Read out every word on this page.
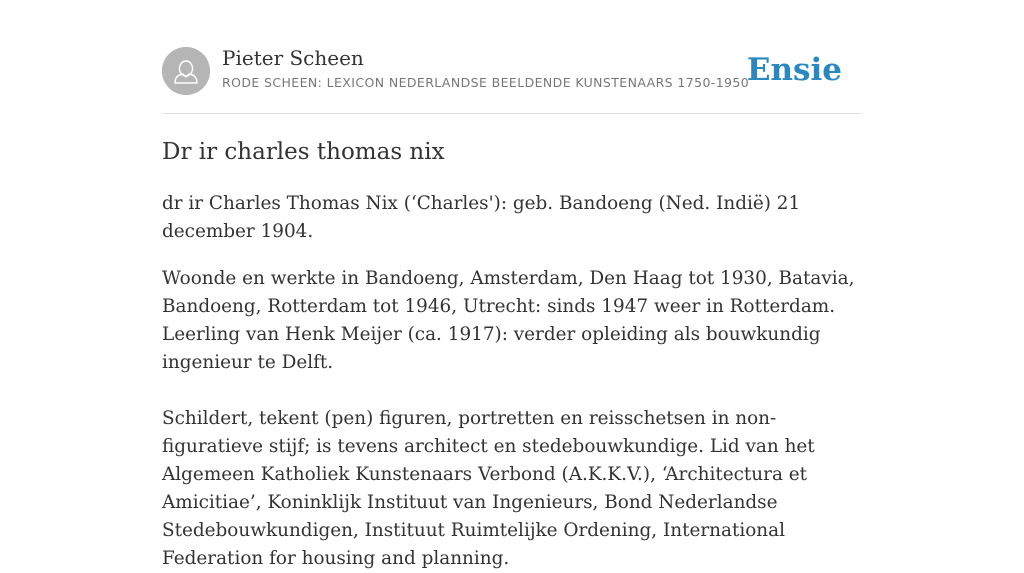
Pieter Scheen
RODE SCHEEN: LEXICON NEDERLANDSE BEELDENDE KUNSTENAARS 1750-1950
Ensie
Dr ir charles thomas nix

dr ir Charles Thomas Nix (‘Charles'): geb. Bandoeng (Ned. Indië) 21 december 1904.

Woonde en werkte in Bandoeng, Amsterdam, Den Haag tot 1930, Batavia, Bandoeng, Rotterdam tot 1946, Utrecht: sinds 1947 weer in Rotterdam. Leerling van Henk Meijer (ca. 1917): verder opleiding als bouwkundig ingenieur te Delft.

Schildert, tekent (pen) figuren, portretten en reisschetsen in non-figuratieve stijf; is tevens architect en stedebouwkundige. Lid van het Algemeen Katholiek Kunstenaars Verbond (A.K.K.V.), ‘Architectura et Amicitiae’, Koninklijk Instituut van Ingenieurs, Bond Nederlandse Stedebouwkundigen, Instituut Ruimtelijke Ordening, International Federation for housing and planning.
